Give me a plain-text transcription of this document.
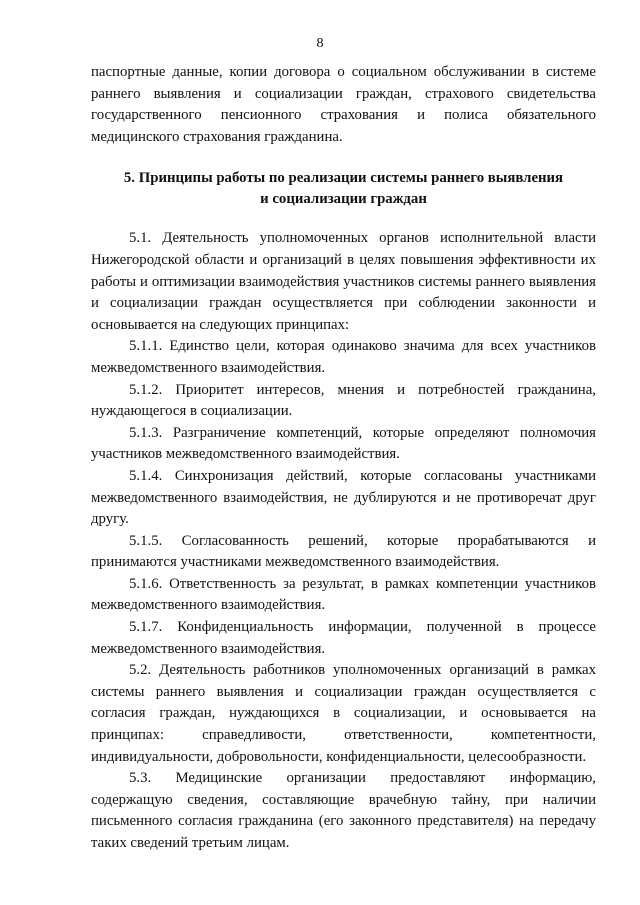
8

паспортные данные, копии договора о социальном обслуживании в системе раннего выявления и социализации граждан, страхового свидетельства государственного пенсионного страхования и полиса обязательного медицинского страхования гражданина.

5. Принципы работы по реализации системы раннего выявления
и социализации граждан

5.1. Деятельность уполномоченных органов исполнительной власти Нижегородской области и организаций в целях повышения эффективности их работы и оптимизации взаимодействия участников системы раннего выявления и социализации граждан осуществляется при соблюдении законности и основывается на следующих принципах:

5.1.1. Единство цели, которая одинаково значима для всех участников межведомственного взаимодействия.

5.1.2. Приоритет интересов, мнения и потребностей гражданина, нуждающегося в социализации.

5.1.3. Разграничение компетенций, которые определяют полномочия участников межведомственного взаимодействия.

5.1.4. Синхронизация действий, которые согласованы участниками межведомственного взаимодействия, не дублируются и не противоречат друг другу.

5.1.5. Согласованность решений, которые прорабатываются и принимаются участниками межведомственного взаимодействия.

5.1.6. Ответственность за результат, в рамках компетенции участников межведомственного взаимодействия.

5.1.7. Конфиденциальность информации, полученной в процессе межведомственного взаимодействия.

5.2. Деятельность работников уполномоченных организаций в рамках системы раннего выявления и социализации граждан осуществляется с согласия граждан, нуждающихся в социализации, и основывается на принципах: справедливости, ответственности, компетентности, индивидуальности, добровольности, конфиденциальности, целесообразности.

5.3. Медицинские организации предоставляют информацию, содержащую сведения, составляющие врачебную тайну, при наличии письменного согласия гражданина (его законного представителя) на передачу таких сведений третьим лицам.
